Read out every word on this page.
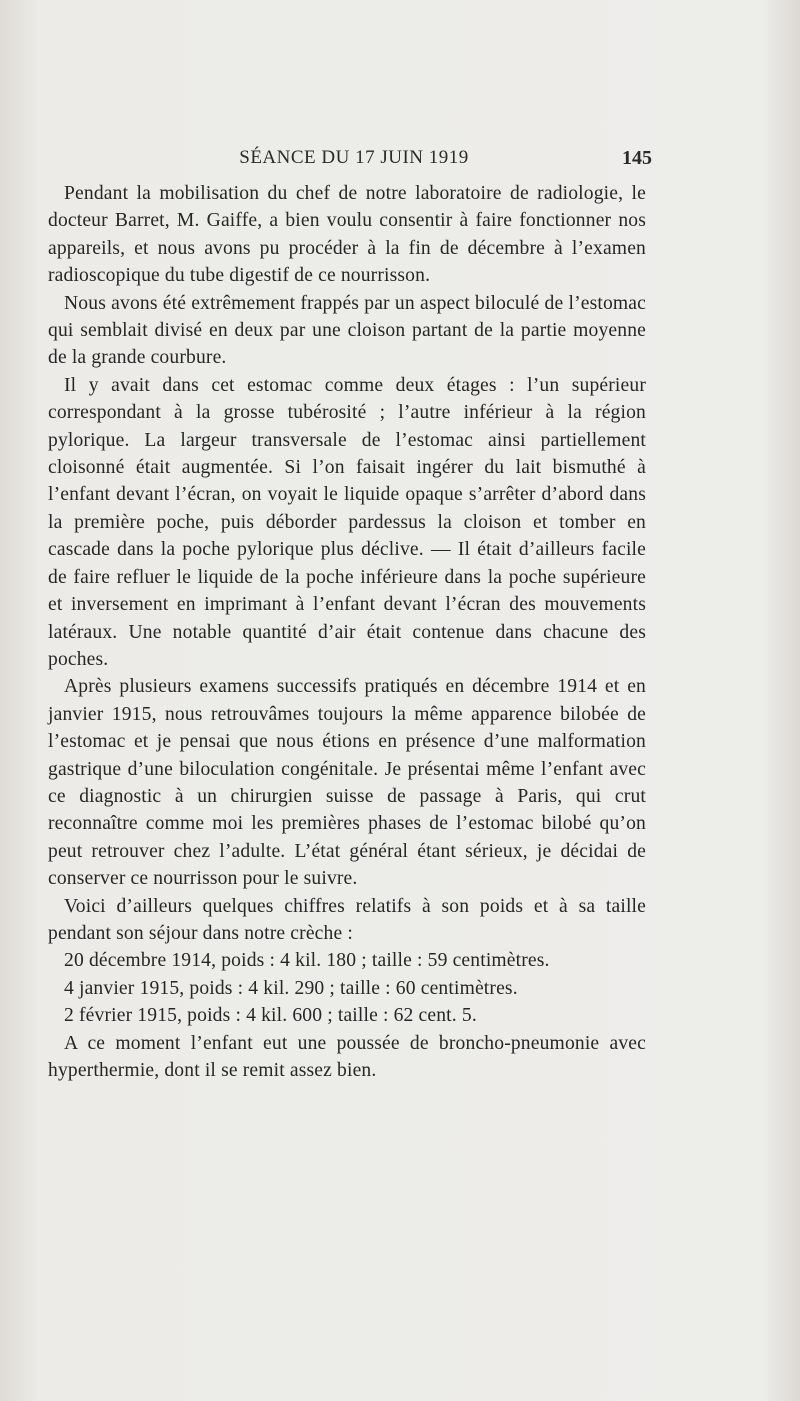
SÉANCE DU 17 JUIN 1919	145

Pendant la mobilisation du chef de notre laboratoire de radiologie, le docteur Barret, M. Gaiffe, a bien voulu consentir à faire fonctionner nos appareils, et nous avons pu procéder à la fin de décembre à l’examen radioscopique du tube digestif de ce nourrisson.

Nous avons été extrêmement frappés par un aspect biloculé de l’estomac qui semblait divisé en deux par une cloison partant de la partie moyenne de la grande courbure.

Il y avait dans cet estomac comme deux étages : l’un supérieur correspondant à la grosse tubérosité ; l’autre inférieur à la région pylorique. La largeur transversale de l’estomac ainsi partiellement cloisonné était augmentée. Si l’on faisait ingérer du lait bismuthé à l’enfant devant l’écran, on voyait le liquide opaque s’arrêter d’abord dans la première poche, puis déborder pardessus la cloison et tomber en cascade dans la poche pylorique plus déclive. — Il était d’ailleurs facile de faire refluer le liquide de la poche inférieure dans la poche supérieure et inversement en imprimant à l’enfant devant l’écran des mouvements latéraux. Une notable quantité d’air était contenue dans chacune des poches.

Après plusieurs examens successifs pratiqués en décembre 1914 et en janvier 1915, nous retrouvâmes toujours la même apparence bilobée de l’estomac et je pensai que nous étions en présence d’une malformation gastrique d’une biloculation congénitale. Je présentai même l’enfant avec ce diagnostic à un chirurgien suisse de passage à Paris, qui crut reconnaître comme moi les premières phases de l’estomac bilobé qu’on peut retrouver chez l’adulte. L’état général étant sérieux, je décidai de conserver ce nourrisson pour le suivre.

Voici d’ailleurs quelques chiffres relatifs à son poids et à sa taille pendant son séjour dans notre crèche :

20 décembre 1914, poids : 4 kil. 180 ; taille : 59 centimètres.

4 janvier 1915, poids : 4 kil. 290 ; taille : 60 centimètres.

2 février 1915, poids : 4 kil. 600 ; taille : 62 cent. 5.

A ce moment l’enfant eut une poussée de broncho-pneumonie avec hyperthermie, dont il se remit assez bien.
